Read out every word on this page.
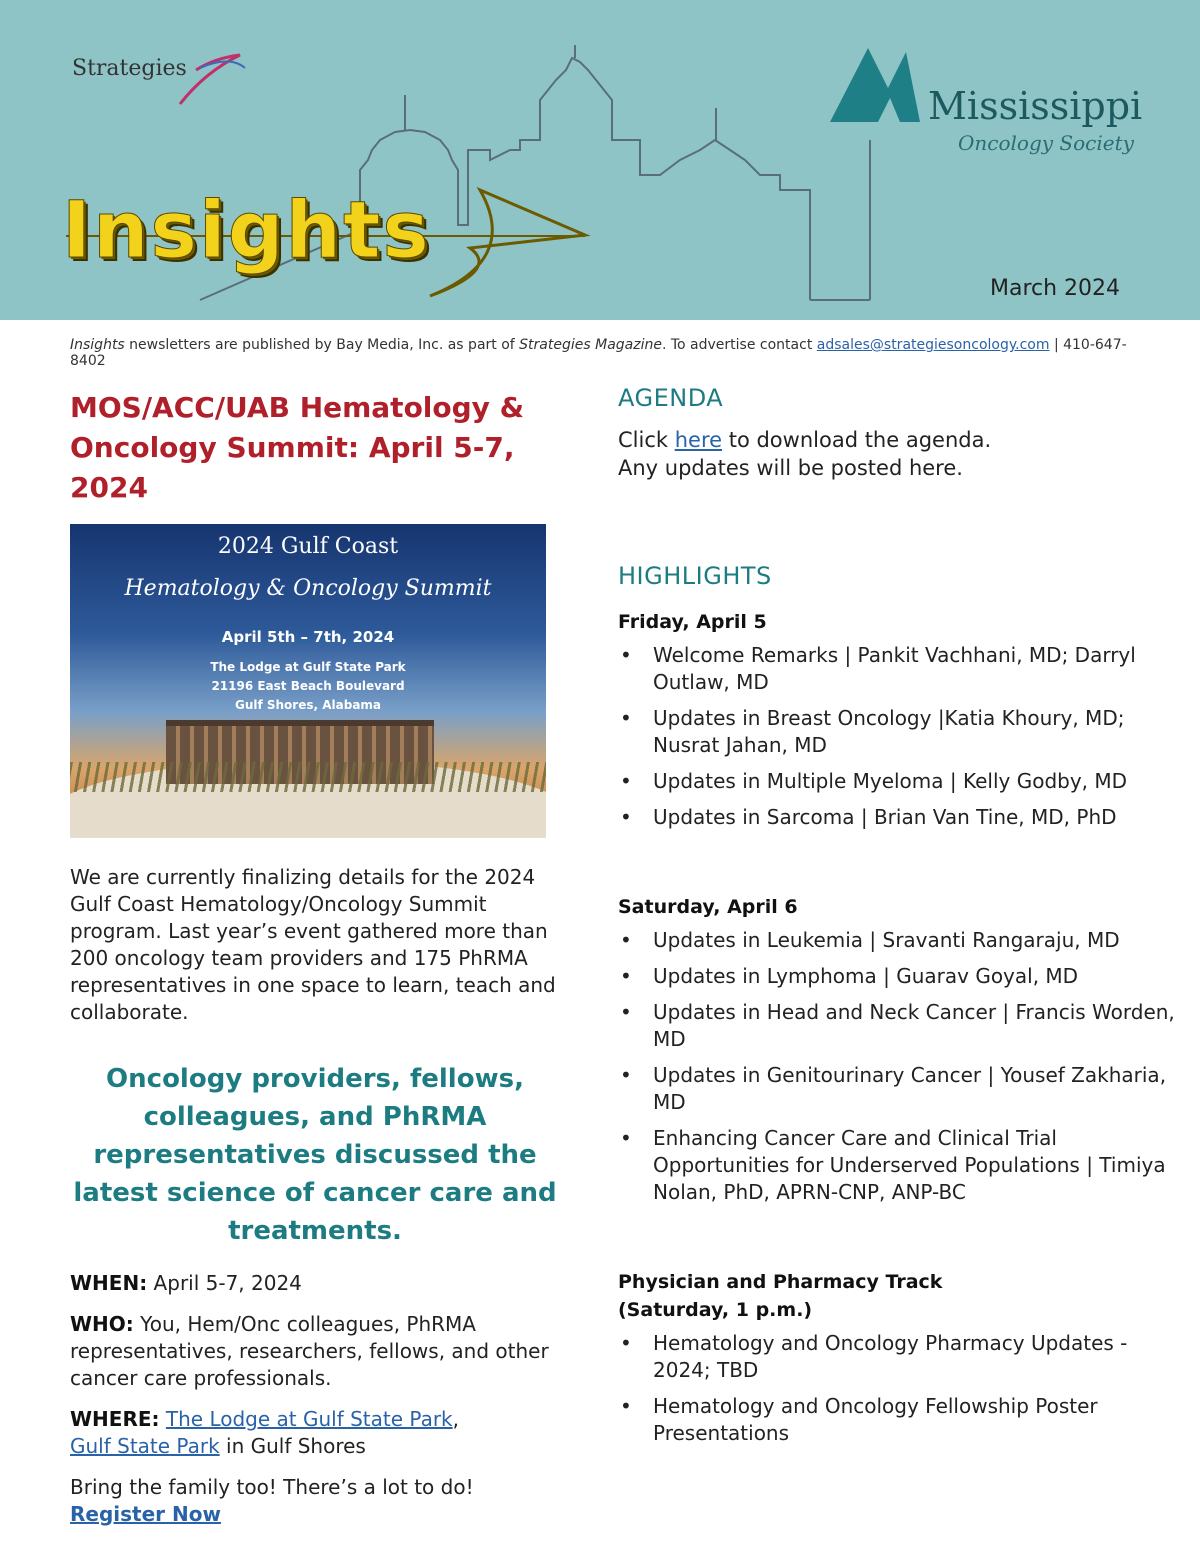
Strategies
Insights
Mississippi
Oncology Society
March 2024
Insights newsletters are published by Bay Media, Inc. as part of Strategies Magazine. To advertise contact adsales@strategiesoncology.com | 410-647-8402
MOS/ACC/UAB Hematology & Oncology Summit: April 5-7, 2024
2024 Gulf Coast
Hematology & Oncology Summit
April 5th – 7th, 2024
The Lodge at Gulf State Park
21196 East Beach Boulevard
Gulf Shores, Alabama

We are currently finalizing details for the 2024 Gulf Coast Hematology/Oncology Summit program. Last year’s event gathered more than 200 oncology team providers and 175 PhRMA representatives in one space to learn, teach and collaborate.

Oncology providers, fellows, colleagues, and PhRMA representatives discussed the latest science of cancer care and treatments.

WHEN: April 5-7, 2024

WHO: You, Hem/Onc colleagues, PhRMA representatives, researchers, fellows, and other cancer care professionals.

WHERE: The Lodge at Gulf State Park,
Gulf State Park in Gulf Shores

Bring the family too! There’s a lot to do!
Register Now

AGENDA

Click here to download the agenda.
Any updates will be posted here.

HIGHLIGHTS

Friday, April 5

• Welcome Remarks | Pankit Vachhani, MD; Darryl Outlaw, MD
• Updates in Breast Oncology |Katia Khoury, MD; Nusrat Jahan, MD
• Updates in Multiple Myeloma | Kelly Godby, MD
• Updates in Sarcoma | Brian Van Tine, MD, PhD

Saturday, April 6

• Updates in Leukemia | Sravanti Rangaraju, MD
• Updates in Lymphoma | Guarav Goyal, MD
• Updates in Head and Neck Cancer | Francis Worden, MD
• Updates in Genitourinary Cancer | Yousef Zakharia, MD
• Enhancing Cancer Care and Clinical Trial Opportunities for Underserved Populations | Timiya Nolan, PhD, APRN-CNP, ANP-BC

Physician and Pharmacy Track
(Saturday, 1 p.m.)

• Hematology and Oncology Pharmacy Updates - 2024; TBD
• Hematology and Oncology Fellowship Poster Presentations
